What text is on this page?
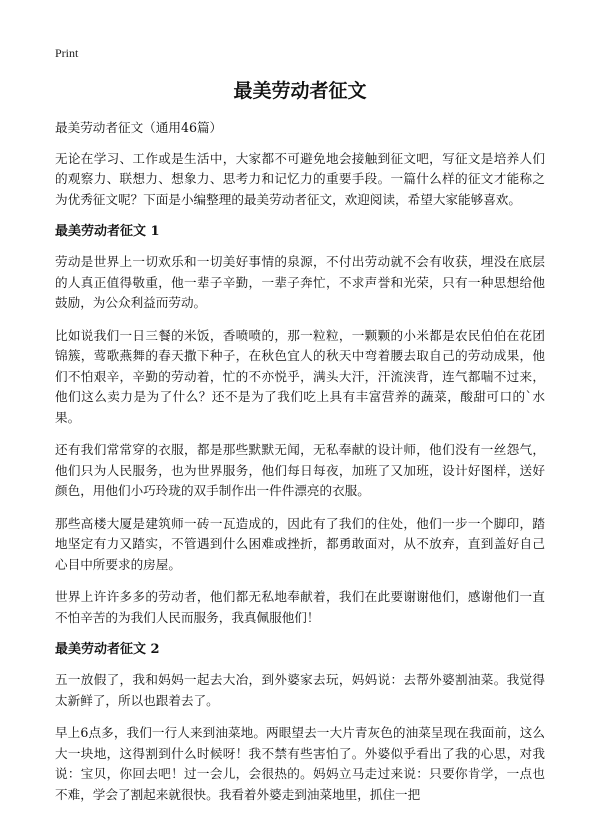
Print
最美劳动者征文

最美劳动者征文（通用46篇）

无论在学习、工作或是生活中，大家都不可避免地会接触到征文吧，写征文是培养人们的观察力、联想力、想象力、思考力和记忆力的重要手段。一篇什么样的征文才能称之为优秀征文呢？下面是小编整理的最美劳动者征文，欢迎阅读，希望大家能够喜欢。

最美劳动者征文 1

劳动是世界上一切欢乐和一切美好事情的泉源，不付出劳动就不会有收获，埋没在底层的人真正值得敬重，他一辈子辛勤，一辈子奔忙，不求声誉和光荣，只有一种思想给他鼓励，为公众利益而劳动。

比如说我们一日三餐的米饭，香喷喷的，那一粒粒，一颗颗的小米都是农民伯伯在花团锦簇，莺歌燕舞的春天撒下种子，在秋色宜人的秋天中弯着腰去取自己的劳动成果，他们不怕艰辛，辛勤的劳动着，忙的不亦悦乎，满头大汗，汗流浃背，连气都喘不过来，他们这么卖力是为了什么？还不是为了我们吃上具有丰富营养的蔬菜，酸甜可口的`水果。

还有我们常常穿的衣服，都是那些默默无闻，无私奉献的设计师，他们没有一丝怨气，他们只为人民服务，也为世界服务，他们每日每夜，加班了又加班，设计好图样，送好颜色，用他们小巧玲珑的双手制作出一件件漂亮的衣服。

那些高楼大厦是建筑师一砖一瓦造成的，因此有了我们的住处，他们一步一个脚印，踏地坚定有力又踏实，不管遇到什么困难或挫折，都勇敢面对，从不放弃，直到盖好自己心目中所要求的房屋。

世界上许许多多的劳动者，他们都无私地奉献着，我们在此要谢谢他们，感谢他们一直不怕辛苦的为我们人民而服务，我真佩服他们！

最美劳动者征文 2

五一放假了，我和妈妈一起去大冶，到外婆家去玩，妈妈说：去帮外婆割油菜。我觉得太新鲜了，所以也跟着去了。

早上6点多，我们一行人来到油菜地。两眼望去一大片青灰色的油菜呈现在我面前，这么大一块地，这得割到什么时候呀！我不禁有些害怕了。外婆似乎看出了我的心思，对我说：宝贝，你回去吧！过一会儿，会很热的。妈妈立马走过来说：只要你肯学，一点也不难，学会了割起来就很快。我看着外婆走到油菜地里，抓住一把
